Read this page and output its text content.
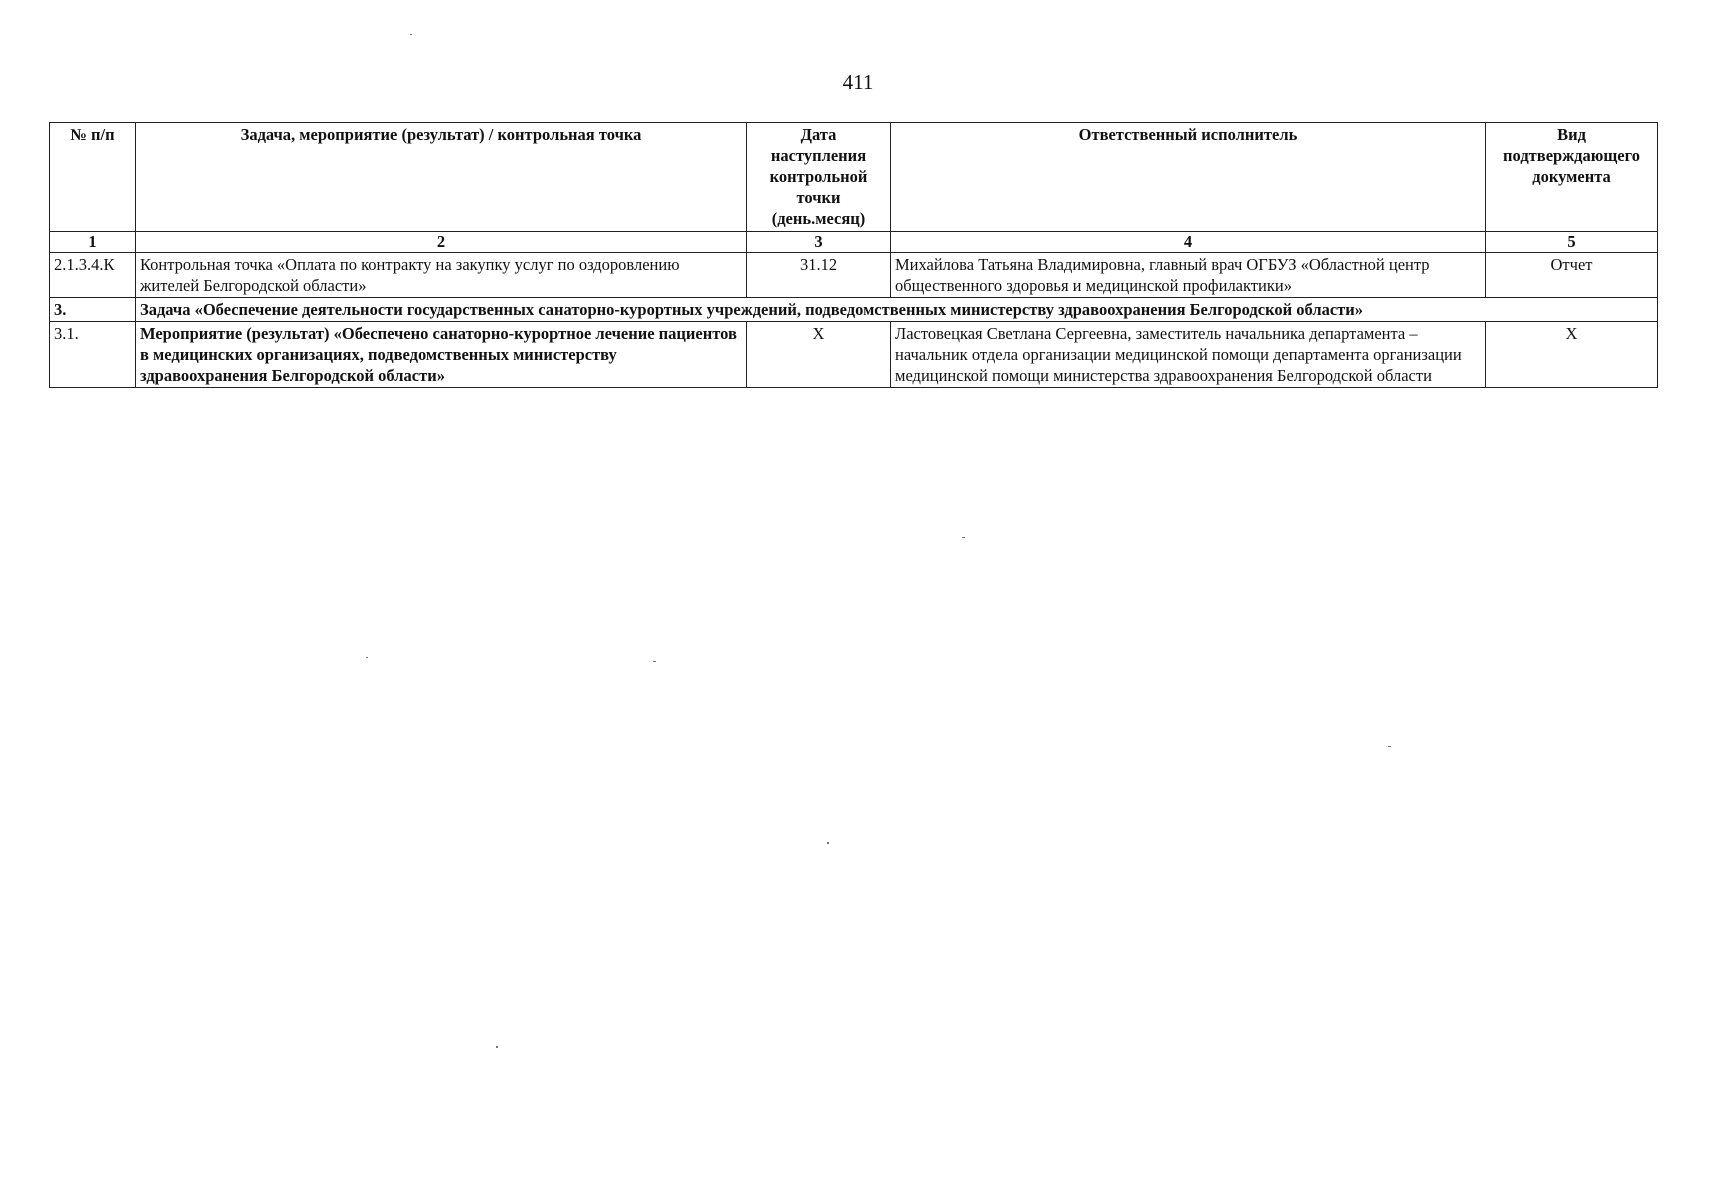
411
№ п/п	Задача, мероприятие (результат) / контрольная точка	Дата наступления контрольной точки (день.месяц)	Ответственный исполнитель	Вид подтверждающего документа
1	2	3	4	5
2.1.3.4.К	Контрольная точка «Оплата по контракту на закупку услуг по оздоровлению жителей Белгородской области»	31.12	Михайлова Татьяна Владимировна, главный врач ОГБУЗ «Областной центр общественного здоровья и медицинской профилактики»	Отчет
3.	Задача «Обеспечение деятельности государственных санаторно-курортных учреждений, подведомственных министерству здравоохранения Белгородской области»			
3.1.	Мероприятие (результат) «Обеспечено санаторно-курортное лечение пациентов в медицинских организациях, подведомственных министерству здравоохранения Белгородской области»	X	Ластовецкая Светлана Сергеевна, заместитель начальника департамента – начальник отдела организации медицинской помощи департамента организации медицинской помощи министерства здравоохранения Белгородской области	X
